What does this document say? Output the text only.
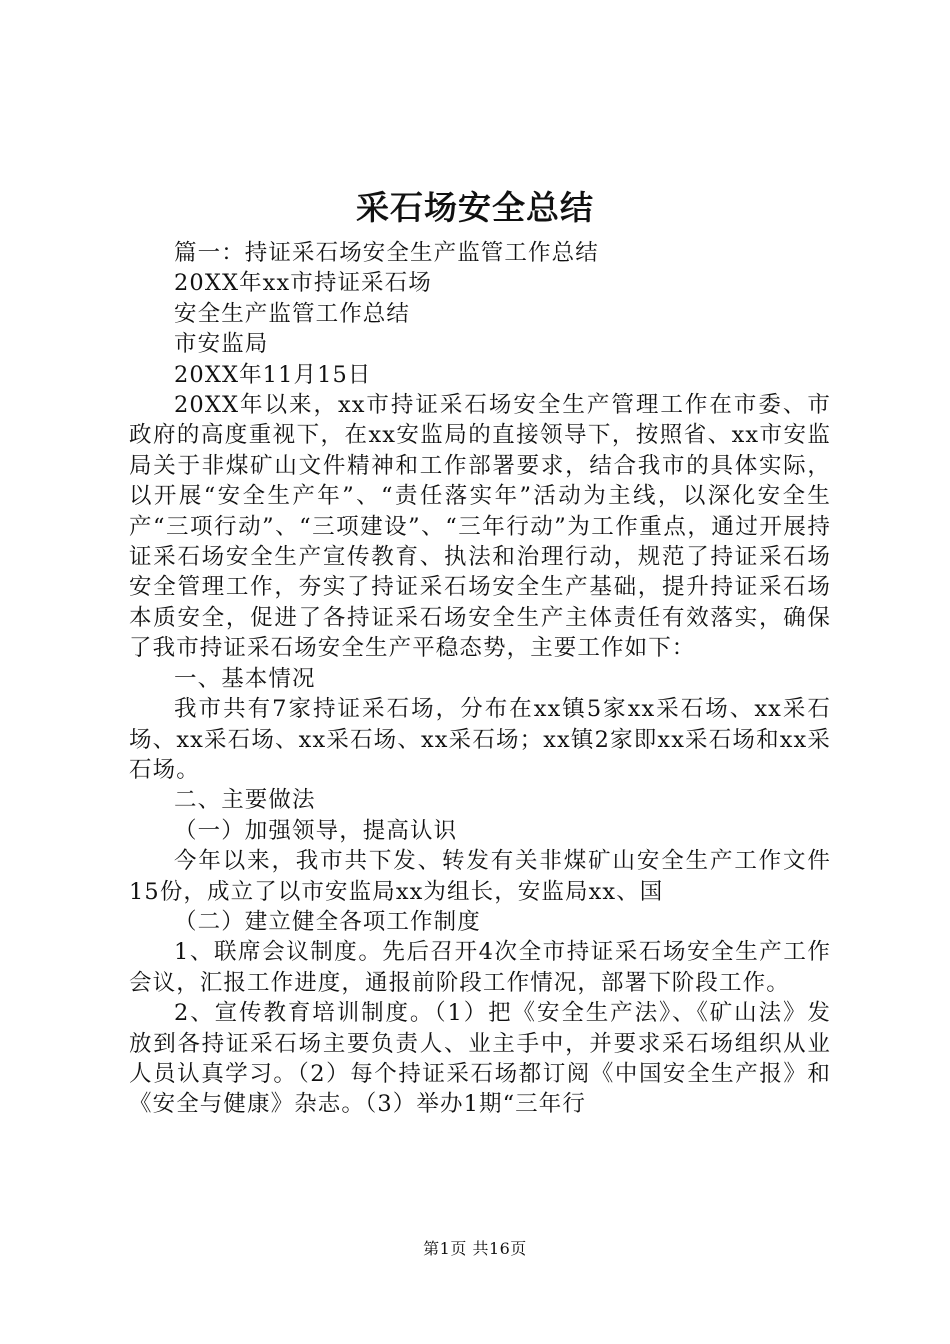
采石场安全总结

篇一：持证采石场安全生产监管工作总结

20XX年xx市持证采石场

安全生产监管工作总结

市安监局

20XX年11月15日

20XX年以来，xx市持证采石场安全生产管理工作在市委、市政府的高度重视下，在xx安监局的直接领导下，按照省、xx市安监局关于非煤矿山文件精神和工作部署要求，结合我市的具体实际，以开展“安全生产年”、“责任落实年”活动为主线，以深化安全生产“三项行动”、“三项建设”、“三年行动”为工作重点，通过开展持证采石场安全生产宣传教育、执法和治理行动，规范了持证采石场安全管理工作，夯实了持证采石场安全生产基础，提升持证采石场本质安全，促进了各持证采石场安全生产主体责任有效落实，确保了我市持证采石场安全生产平稳态势，主要工作如下：

一、基本情况

我市共有7家持证采石场，分布在xx镇5家xx采石场、xx采石场、xx采石场、xx采石场、xx采石场；xx镇2家即xx采石场和xx采石场。

二、主要做法

（一）加强领导，提高认识

今年以来，我市共下发、转发有关非煤矿山安全生产工作文件15份，成立了以市安监局xx为组长，安监局xx、国

（二）建立健全各项工作制度

1、联席会议制度。先后召开4次全市持证采石场安全生产工作会议，汇报工作进度，通报前阶段工作情况，部署下阶段工作。

2、宣传教育培训制度。（1）把《安全生产法》、《矿山法》发放到各持证采石场主要负责人、业主手中，并要求采石场组织从业人员认真学习。（2）每个持证采石场都订阅《中国安全生产报》和《安全与健康》杂志。（3）举办1期“三年行

第1页 共16页
